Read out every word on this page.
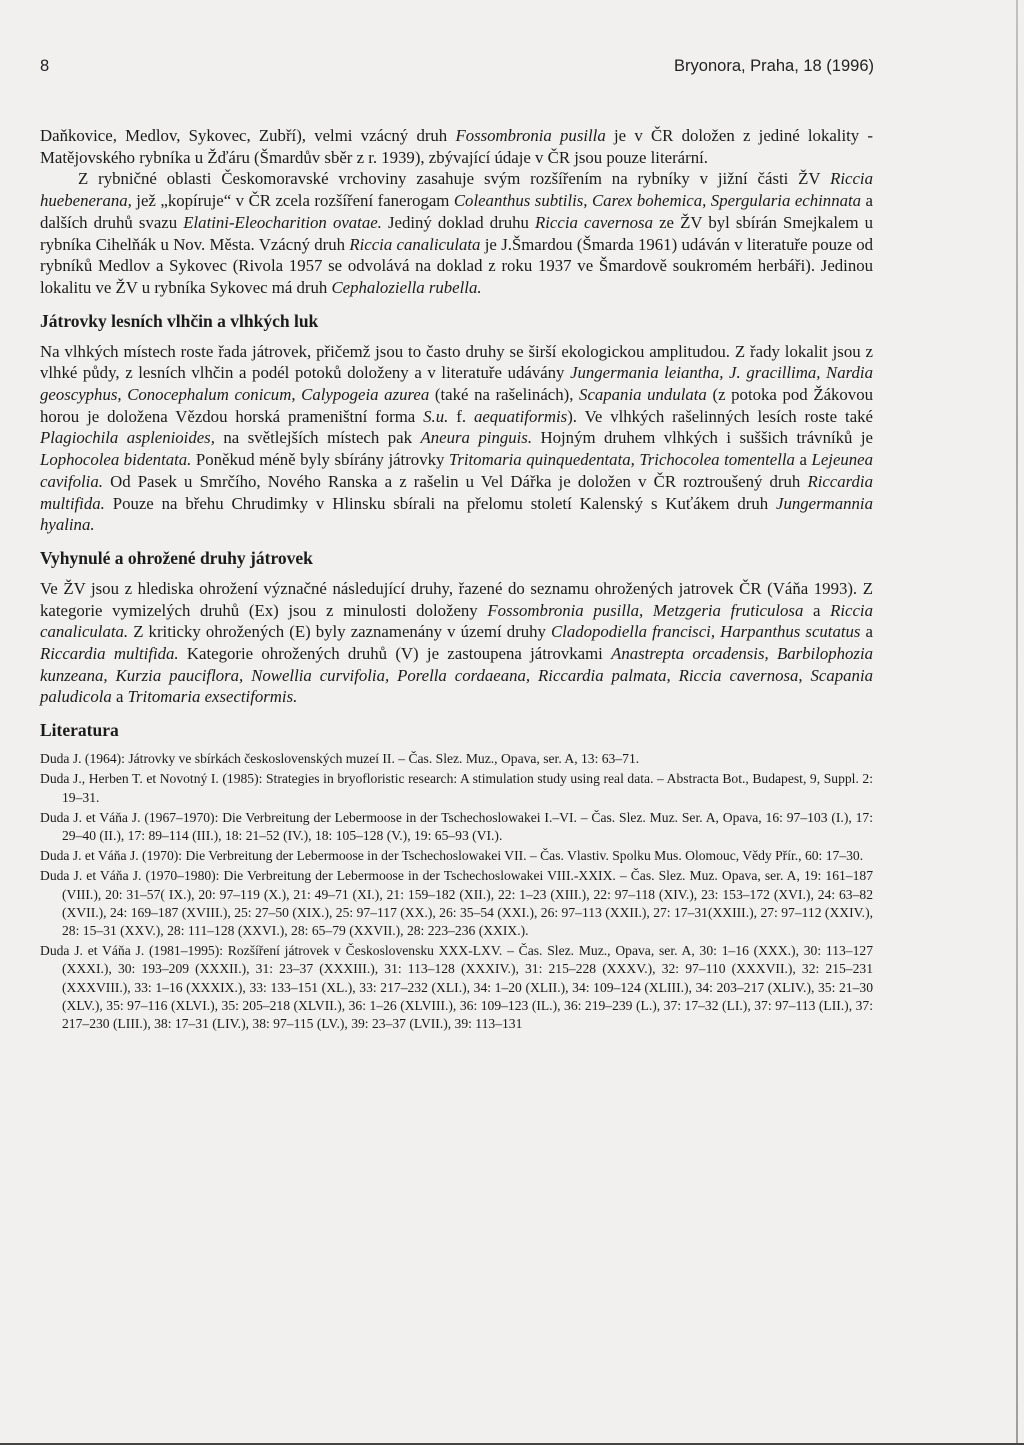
8	Bryonora, Praha, 18 (1996)

Daňkovice, Medlov, Sykovec, Zubří), velmi vzácný druh Fossombronia pusilla je v ČR doložen z jediné lokality - Matějovského rybníka u Žďáru (Šmardův sběr z r. 1939), zbývající údaje v ČR jsou pouze literární.

Z rybničné oblasti Českomoravské vrchoviny zasahuje svým rozšířením na rybníky v jižní části ŽV Riccia huebenerana, jež „kopíruje“ v ČR zcela rozšíření fanerogam Coleanthus subtilis, Carex bohemica, Spergularia echinnata a dalších druhů svazu Elatini-Eleocharition ovatae. Jediný doklad druhu Riccia cavernosa ze ŽV byl sbírán Smejkalem u rybníka Cihelňák u Nov. Města. Vzácný druh Riccia canaliculata je J.Šmardou (Šmarda 1961) udáván v literatuře pouze od rybníků Medlov a Sykovec (Rivola 1957 se odvolává na doklad z roku 1937 ve Šmardově soukromém herbáři). Jedinou lokalitu ve ŽV u rybníka Sykovec má druh Cephaloziella rubella.

Játrovky lesních vlhčin a vlhkých luk

Na vlhkých místech roste řada játrovek, přičemž jsou to často druhy se širší ekologickou amplitudou. Z řady lokalit jsou z vlhké půdy, z lesních vlhčin a podél potoků doloženy a v literatuře udávány Jungermania leiantha, J. gracillima, Nardia geoscyphus, Conocephalum conicum, Calypogeia azurea (také na rašelinách), Scapania undulata (z potoka pod Žákovou horou je doložena Vězdou horská prameništní forma S.u. f. aequatiformis). Ve vlhkých rašelinných lesích roste také Plagiochila asplenioides, na světlejších místech pak Aneura pinguis. Hojným druhem vlhkých i suššich trávníků je Lophocolea bidentata. Poněkud méně byly sbírány játrovky Tritomaria quinquedentata, Trichocolea tomentella a Lejeunea cavifolia. Od Pasek u Smrčího, Nového Ranska a z rašelin u Vel Dářka je doložen v ČR roztroušený druh Riccardia multifida. Pouze na břehu Chrudimky v Hlinsku sbírali na přelomu století Kalenský s Kuťákem druh Jungermannia hyalina.

Vyhynulé a ohrožené druhy játrovek

Ve ŽV jsou z hlediska ohrožení význačné následující druhy, řazené do seznamu ohrožených jatrovek ČR (Váňa 1993). Z kategorie vymizelých druhů (Ex) jsou z minulosti doloženy Fossombronia pusilla, Metzgeria fruticulosa a Riccia canaliculata. Z kriticky ohrožených (E) byly zaznamenány v území druhy Cladopodiella francisci, Harpanthus scutatus a Riccardia multifida. Kategorie ohrožených druhů (V) je zastoupena játrovkami Anastrepta orcadensis, Barbilophozia kunzeana, Kurzia pauciflora, Nowellia curvifolia, Porella cordaeana, Riccardia palmata, Riccia cavernosa, Scapania paludicola a Tritomaria exsectiformis.

Literatura

Duda J. (1964): Játrovky ve sbírkách československých muzeí II. – Čas. Slez. Muz., Opava, ser. A, 13: 63–71.

Duda J., Herben T. et Novotný I. (1985): Strategies in bryofloristic research: A stimulation study using real data. – Abstracta Bot., Budapest, 9, Suppl. 2: 19–31.

Duda J. et Váňa J. (1967–1970): Die Verbreitung der Lebermoose in der Tschechoslowakei I.–VI. – Čas. Slez. Muz. Ser. A, Opava, 16: 97–103 (I.), 17: 29–40 (II.), 17: 89–114 (III.), 18: 21–52 (IV.), 18: 105–128 (V.), 19: 65–93 (VI.).

Duda J. et Váňa J. (1970): Die Verbreitung der Lebermoose in der Tschechoslowakei VII. – Čas. Vlastiv. Spolku Mus. Olomouc, Vědy Přír., 60: 17–30.

Duda J. et Váňa J. (1970–1980): Die Verbreitung der Lebermoose in der Tschechoslowakei VIII.-XXIX. – Čas. Slez. Muz. Opava, ser. A, 19: 161–187 (VIII.), 20: 31–57( IX.), 20: 97–119 (X.), 21: 49–71 (XI.), 21: 159–182 (XII.), 22: 1–23 (XIII.), 22: 97–118 (XIV.), 23: 153–172 (XVI.), 24: 63–82 (XVII.), 24: 169–187 (XVIII.), 25: 27–50 (XIX.), 25: 97–117 (XX.), 26: 35–54 (XXI.), 26: 97–113 (XXII.), 27: 17–31(XXIII.), 27: 97–112 (XXIV.), 28: 15–31 (XXV.), 28: 111–128 (XXVI.), 28: 65–79 (XXVII.), 28: 223–236 (XXIX.).

Duda J. et Váňa J. (1981–1995): Rozšíření játrovek v Československu XXX-LXV. – Čas. Slez. Muz., Opava, ser. A, 30: 1–16 (XXX.), 30: 113–127 (XXXI.), 30: 193–209 (XXXII.), 31: 23–37 (XXXIII.), 31: 113–128 (XXXIV.), 31: 215–228 (XXXV.), 32: 97–110 (XXXVII.), 32: 215–231 (XXXVIII.), 33: 1–16 (XXXIX.), 33: 133–151 (XL.), 33: 217–232 (XLI.), 34: 1–20 (XLII.), 34: 109–124 (XLIII.), 34: 203–217 (XLIV.), 35: 21–30 (XLV.), 35: 97–116 (XLVI.), 35: 205–218 (XLVII.), 36: 1–26 (XLVIII.), 36: 109–123 (IL.), 36: 219–239 (L.), 37: 17–32 (LI.), 37: 97–113 (LII.), 37: 217–230 (LIII.), 38: 17–31 (LIV.), 38: 97–115 (LV.), 39: 23–37 (LVII.), 39: 113–131
